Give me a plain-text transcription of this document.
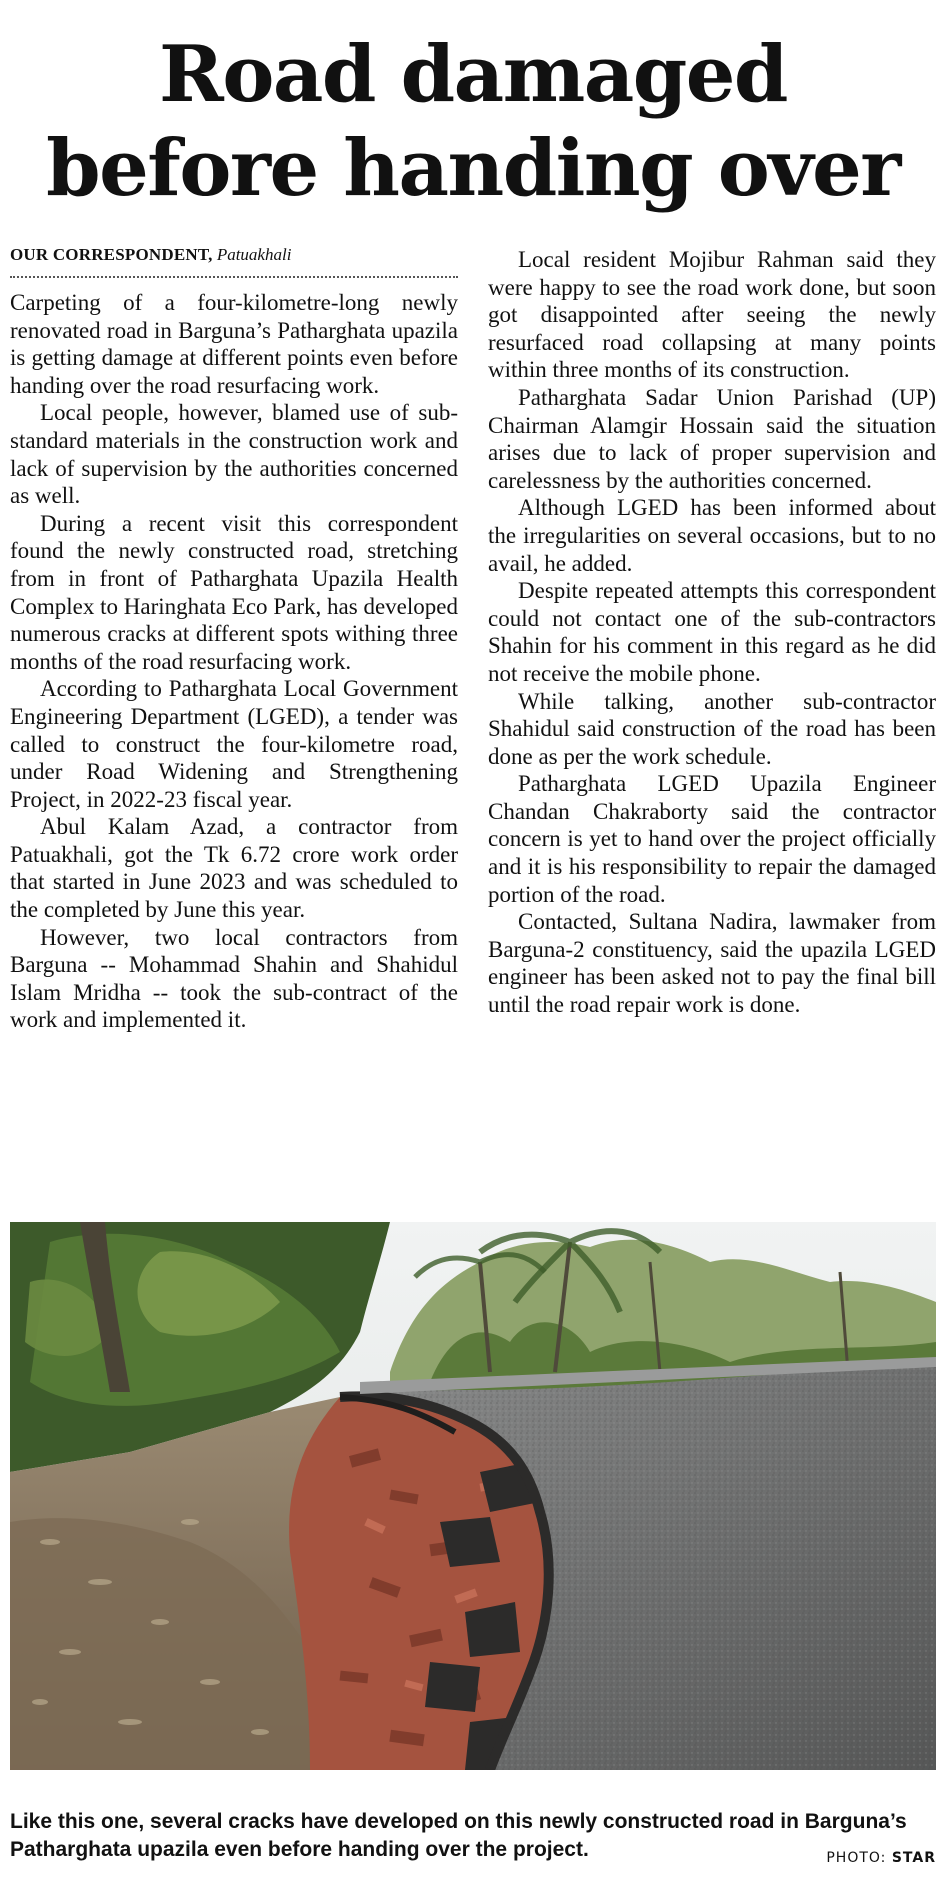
Road damaged
before handing over
OUR CORRESPONDENT, Patuakhali

Carpeting of a four-kilometre-long newly renovated road in Barguna’s Patharghata upazila is getting damage at different points even before handing over the road resurfacing work.

Local people, however, blamed use of sub-standard materials in the construction work and lack of supervision by the authorities concerned as well.

During a recent visit this correspondent found the newly constructed road, stretching from in front of Patharghata Upazila Health Complex to Haringhata Eco Park, has developed numerous cracks at different spots withing three months of the road resurfacing work.

According to Patharghata Local Government Engineering Department (LGED), a tender was called to construct the four-kilometre road, under Road Widening and Strengthening Project, in 2022-23 fiscal year.

Abul Kalam Azad, a contractor from Patuakhali, got the Tk 6.72 crore work order that started in June 2023 and was scheduled to the completed by June this year.

However, two local contractors from Barguna -- Mohammad Shahin and Shahidul Islam Mridha -- took the sub-contract of the work and implemented it.

Local resident Mojibur Rahman said they were happy to see the road work done, but soon got disappointed after seeing the newly resurfaced road collapsing at many points within three months of its construction.

Patharghata Sadar Union Parishad (UP) Chairman Alamgir Hossain said the situation arises due to lack of proper supervision and carelessness by the authorities concerned.

Although LGED has been informed about the irregularities on several occasions, but to no avail, he added.

Despite repeated attempts this correspondent could not contact one of the sub-contractors Shahin for his comment in this regard as he did not receive the mobile phone.

While talking, another sub-contractor Shahidul said construction of the road has been done as per the work schedule.

Patharghata LGED Upazila Engineer Chandan Chakraborty said the contractor concern is yet to hand over the project officially and it is his responsibility to repair the damaged portion of the road.

Contacted, Sultana Nadira, lawmaker from Barguna-2 constituency, said the upazila LGED engineer has been asked not to pay the final bill until the road repair work is done.

Like this one, several cracks have developed on this newly constructed road in Barguna’s Patharghata upazila even before handing over the project.	PHOTO: STAR
